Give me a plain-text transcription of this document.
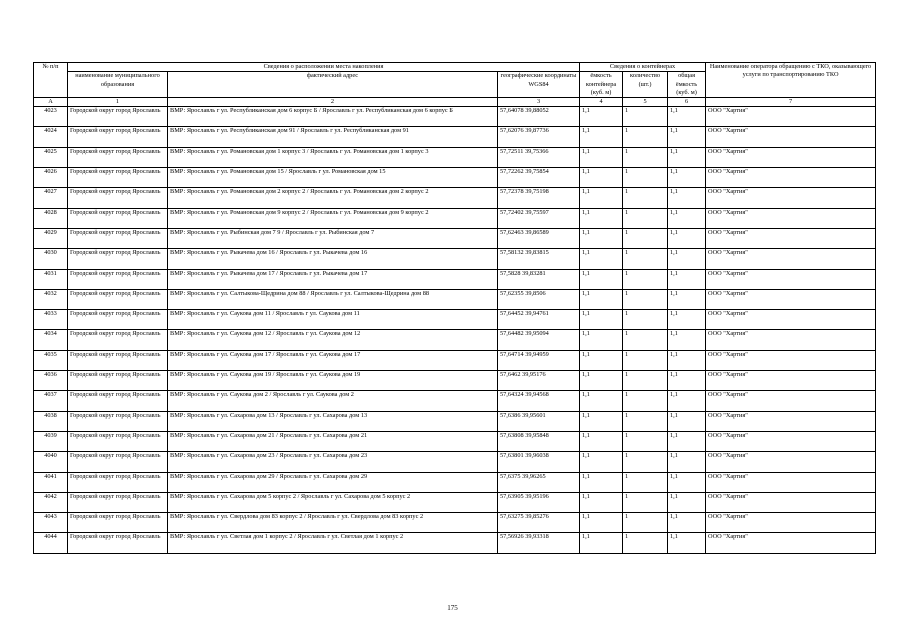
№ п/п	Сведения о расположении места накопления			Сведения о контейнерах			Наименование оператора обращению с ТКО, оказывающего услуги по транспортированию ТКО
	наименование муниципального образования	фактический адрес	географические координаты WGS84	ёмкость контейнера (куб. м)	количество (шт.)	общая ёмкость (куб. м)	
А	1	2	3	4	5	6	7
4023	Городской округ город Ярославль	ВМР: Ярославль г ул. Республиканская дом 6 корпус Б / Ярославль г ул. Республиканская дом 6 корпус Б	57,64078 39,88052	1,1	1	1,1	ООО "Хартия"
4024	Городской округ город Ярославль	ВМР: Ярославль г ул. Республиканская дом 91 / Ярославль г ул. Республиканская дом 91	57,62076 39,87736	1,1	1	1,1	ООО "Хартия"
4025	Городской округ город Ярославль	ВМР: Ярославль г ул. Романовская дом 1 корпус 3 / Ярославль г ул. Романовская дом 1 корпус 3	57,72511 39,75366	1,1	1	1,1	ООО "Хартия"
4026	Городской округ город Ярославль	ВМР: Ярославль г ул. Романовская дом 15 / Ярославль г ул. Романовская дом 15	57,72262 39,75854	1,1	1	1,1	ООО "Хартия"
4027	Городской округ город Ярославль	ВМР: Ярославль г ул. Романовская дом 2 корпус 2 / Ярославль г ул. Романовская дом 2 корпус 2	57,72378 39,75198	1,1	1	1,1	ООО "Хартия"
4028	Городской округ город Ярославль	ВМР: Ярославль г ул. Романовская дом 9 корпус 2 / Ярославль г ул. Романовская дом 9 корпус 2	57,72402 39,75597	1,1	1	1,1	ООО "Хартия"
4029	Городской округ город Ярославль	ВМР: Ярославль г ул. Рыбинская дом 7 9 / Ярославль г ул. Рыбинская дом 7	57,62463 39,86589	1,1	1	1,1	ООО "Хартия"
4030	Городской округ город Ярославль	ВМР: Ярославль г ул. Рыкачева дом 16 / Ярославль г ул. Рыкачева дом 16	57,58132 39,83815	1,1	1	1,1	ООО "Хартия"
4031	Городской округ город Ярославль	ВМР: Ярославль г ул. Рыкачева дом 17 / Ярославль г ул. Рыкачева дом 17	57,5828 39,83281	1,1	1	1,1	ООО "Хартия"
4032	Городской округ город Ярославль	ВМР: Ярославль г ул. Салтыкова-Щедрина дом 88 / Ярославль г ул. Салтыкова-Щедрина дом 88	57,62355 39,8506	1,1	1	1,1	ООО "Хартия"
4033	Городской округ город Ярославль	ВМР: Ярославль г ул. Саукова дом 11 / Ярославль г ул. Саукова дом 11	57,64452 39,94761	1,1	1	1,1	ООО "Хартия"
4034	Городской округ город Ярославль	ВМР: Ярославль г ул. Саукова дом 12 / Ярославль г ул. Саукова дом 12	57,64482 39,95094	1,1	1	1,1	ООО "Хартия"
4035	Городской округ город Ярославль	ВМР: Ярославль г ул. Саукова дом 17 / Ярославль г ул. Саукова дом 17	57,64714 39,94959	1,1	1	1,1	ООО "Хартия"
4036	Городской округ город Ярославль	ВМР: Ярославль г ул. Саукова дом 19 / Ярославль г ул. Саукова дом 19	57,6462 39,95176	1,1	1	1,1	ООО "Хартия"
4037	Городской округ город Ярославль	ВМР: Ярославль г ул. Саукова дом 2 / Ярославль г ул. Саукова дом 2	57,64324 39,94568	1,1	1	1,1	ООО "Хартия"
4038	Городской округ город Ярославль	ВМР: Ярославль г ул. Сахарова дом 13 / Ярославль г ул. Сахарова дом 13	57,6386 39,95601	1,1	1	1,1	ООО "Хартия"
4039	Городской округ город Ярославль	ВМР: Ярославль г ул. Сахарова дом 21 / Ярославль г ул. Сахарова дом 21	57,63808 39,95848	1,1	1	1,1	ООО "Хартия"
4040	Городской округ город Ярославль	ВМР: Ярославль г ул. Сахарова дом 23 / Ярославль г ул. Сахарова дом 23	57,63801 39,96038	1,1	1	1,1	ООО "Хартия"
4041	Городской округ город Ярославль	ВМР: Ярославль г ул. Сахарова дом 29 / Ярославль г ул. Сахарова дом 29	57,6375 39,96265	1,1	1	1,1	ООО "Хартия"
4042	Городской округ город Ярославль	ВМР: Ярославль г ул. Сахарова дом 5 корпус 2 / Ярославль г ул. Сахарова дом 5 корпус 2	57,63905 39,95196	1,1	1	1,1	ООО "Хартия"
4043	Городской округ город Ярославль	ВМР: Ярославль г ул. Свердлова дом 83 корпус 2 / Ярославль г ул. Свердлова дом 83 корпус 2	57,63275 39,85276	1,1	1	1,1	ООО "Хартия"
4044	Городской округ город Ярославль	ВМР: Ярославль г ул. Светлая дом 1 корпус 2 / Ярославль г ул. Светлая дом 1 корпус 2	57,56926 39,93318	1,1	1	1,1	ООО "Хартия"
175
